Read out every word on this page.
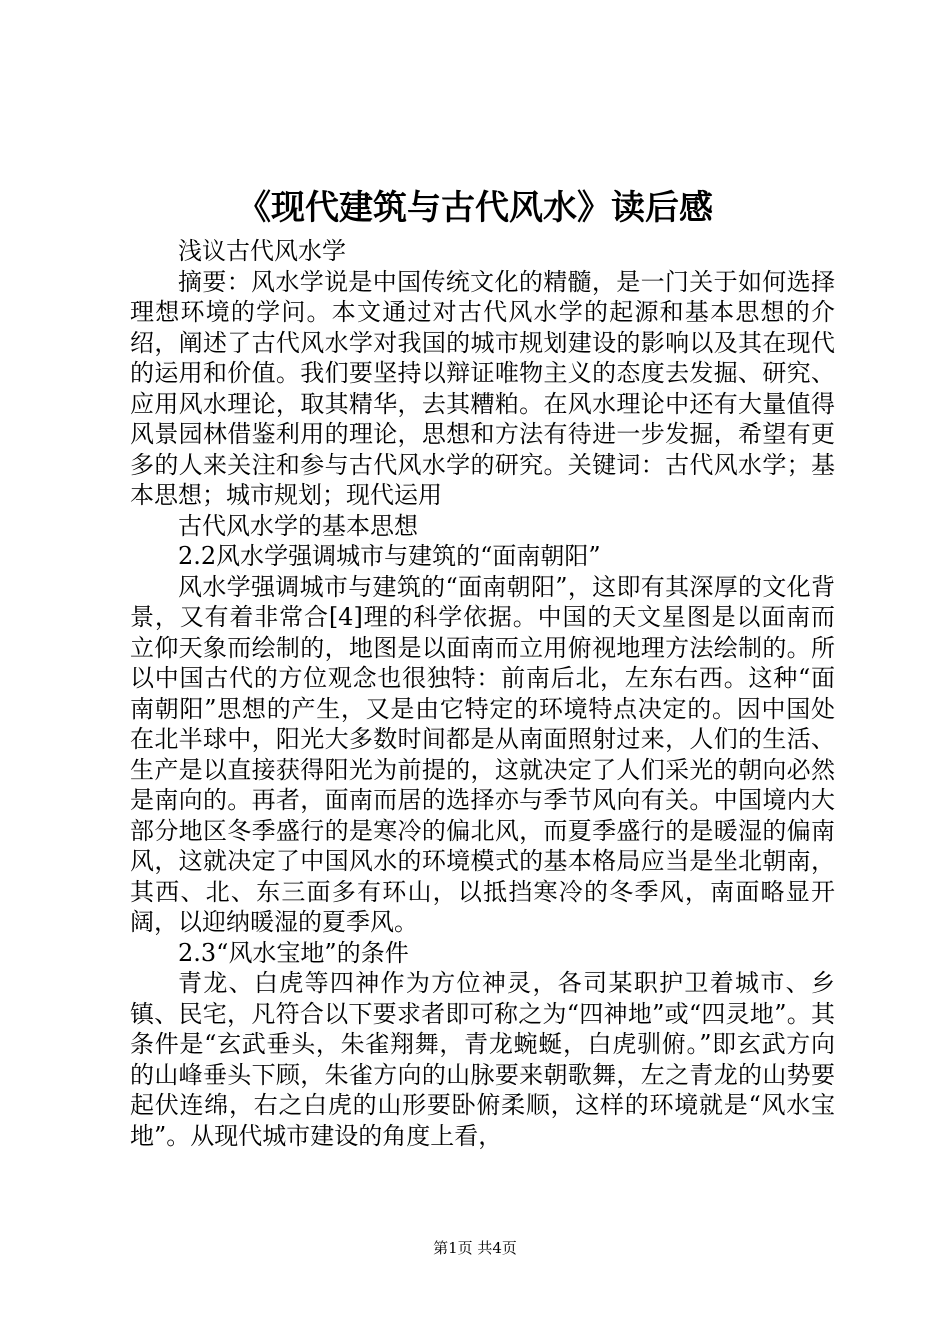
《现代建筑与古代风水》读后感

浅议古代风水学

摘要：风水学说是中国传统文化的精髓，是一门关于如何选择理想环境的学问。本文通过对古代风水学的起源和基本思想的介绍，阐述了古代风水学对我国的城市规划建设的影响以及其在现代的运用和价值。我们要坚持以辩证唯物主义的态度去发掘、研究、应用风水理论，取其精华，去其糟粕。在风水理论中还有大量值得风景园林借鉴利用的理论，思想和方法有待进一步发掘，希望有更多的人来关注和参与古代风水学的研究。关键词：古代风水学；基本思想；城市规划；现代运用

古代风水学的基本思想

2.2风水学强调城市与建筑的“面南朝阳”

风水学强调城市与建筑的“面南朝阳”，这即有其深厚的文化背景，又有着非常合[4]理的科学依据。中国的天文星图是以面南而立仰天象而绘制的，地图是以面南而立用俯视地理方法绘制的。所以中国古代的方位观念也很独特：前南后北，左东右西。这种“面南朝阳”思想的产生，又是由它特定的环境特点决定的。因中国处在北半球中，阳光大多数时间都是从南面照射过来，人们的生活、生产是以直接获得阳光为前提的，这就决定了人们采光的朝向必然是南向的。再者，面南而居的选择亦与季节风向有关。中国境内大部分地区冬季盛行的是寒冷的偏北风，而夏季盛行的是暖湿的偏南风，这就决定了中国风水的环境模式的基本格局应当是坐北朝南，其西、北、东三面多有环山，以抵挡寒冷的冬季风，南面略显开阔，以迎纳暖湿的夏季风。

2.3“风水宝地”的条件

青龙、白虎等四神作为方位神灵，各司某职护卫着城市、乡镇、民宅，凡符合以下要求者即可称之为“四神地”或“四灵地”。其条件是“玄武垂头，朱雀翔舞，青龙蜿蜒，白虎驯俯。”即玄武方向的山峰垂头下顾，朱雀方向的山脉要来朝歌舞，左之青龙的山势要起伏连绵，右之白虎的山形要卧俯柔顺，这样的环境就是“风水宝地”。从现代城市建设的角度上看，

第1页 共4页
